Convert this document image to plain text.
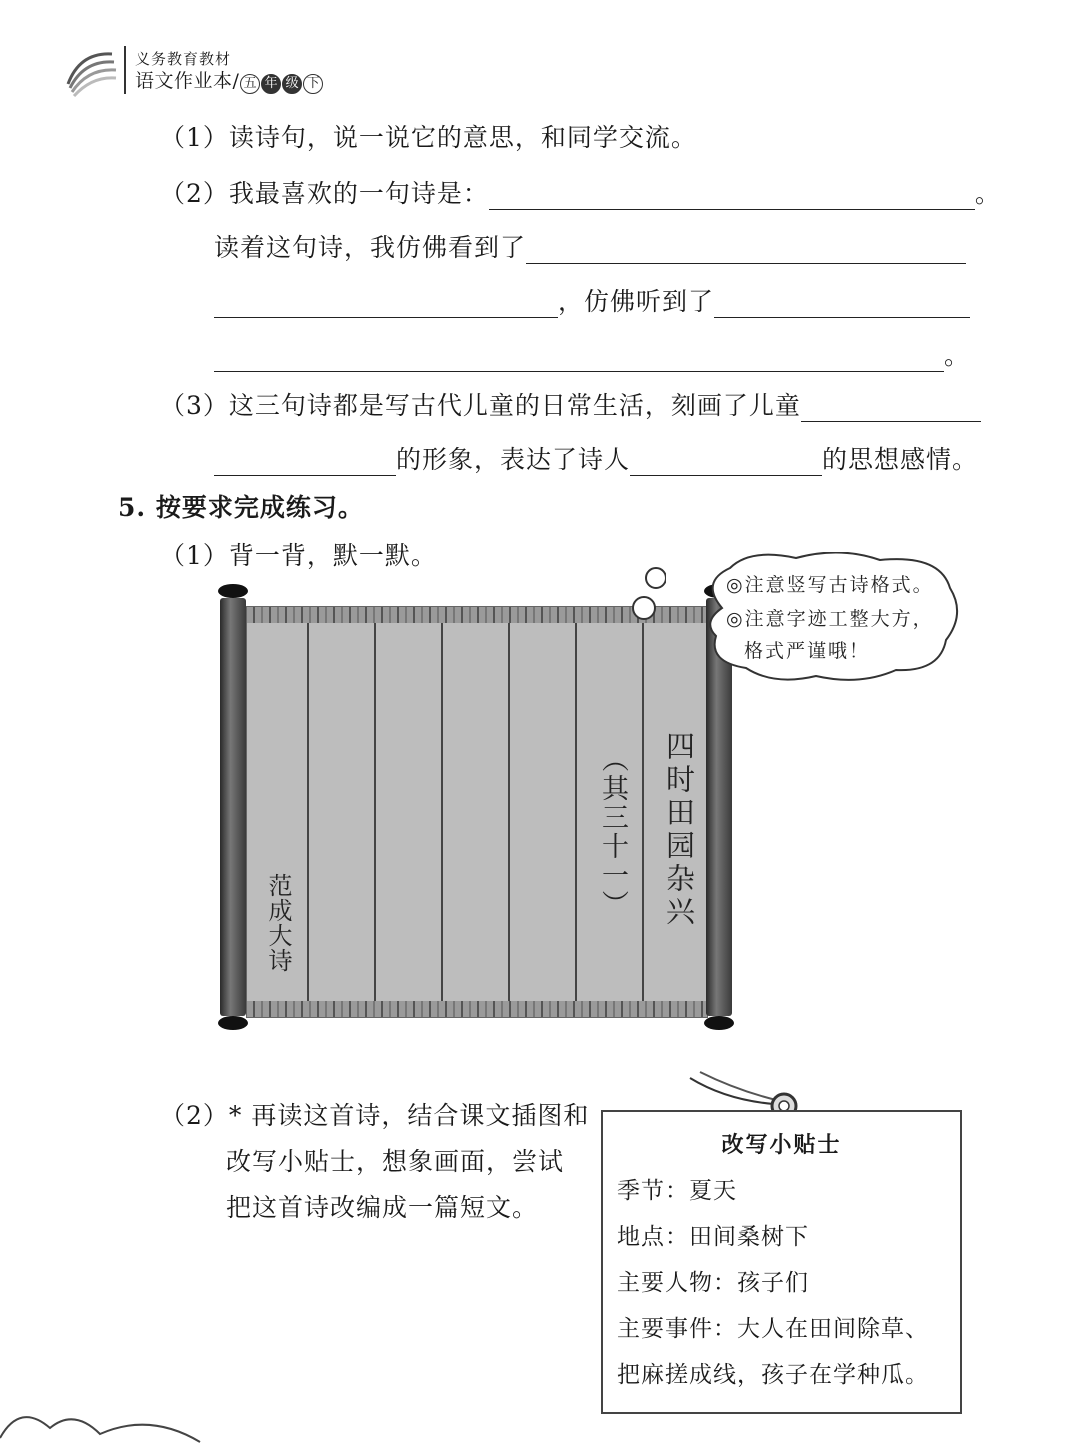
义务教育教材
语文作业本/ 五 年 级 下
（1）读诗句，说一说它的意思，和同学交流。
（2）我最喜欢的一句诗是：	。
读着这句诗，我仿佛看到了
，仿佛听到了
。
（3）这三句诗都是写古代儿童的日常生活，刻画了儿童
的形象，表达了诗人	的思想感情。
5. 按要求完成练习。
（1）背一背，默一默。
四时田园杂兴
（其三十一）
范成大诗
◎注意竖写古诗格式。
◎注意字迹工整大方，
格式严谨哦！
（2）* 再读这首诗，结合课文插图和
改写小贴士，想象画面，尝试
把这首诗改编成一篇短文。
改写小贴士
季节：夏天
地点：田间桑树下
主要人物：孩子们
主要事件：大人在田间除草、
把麻搓成线，孩子在学种瓜。
